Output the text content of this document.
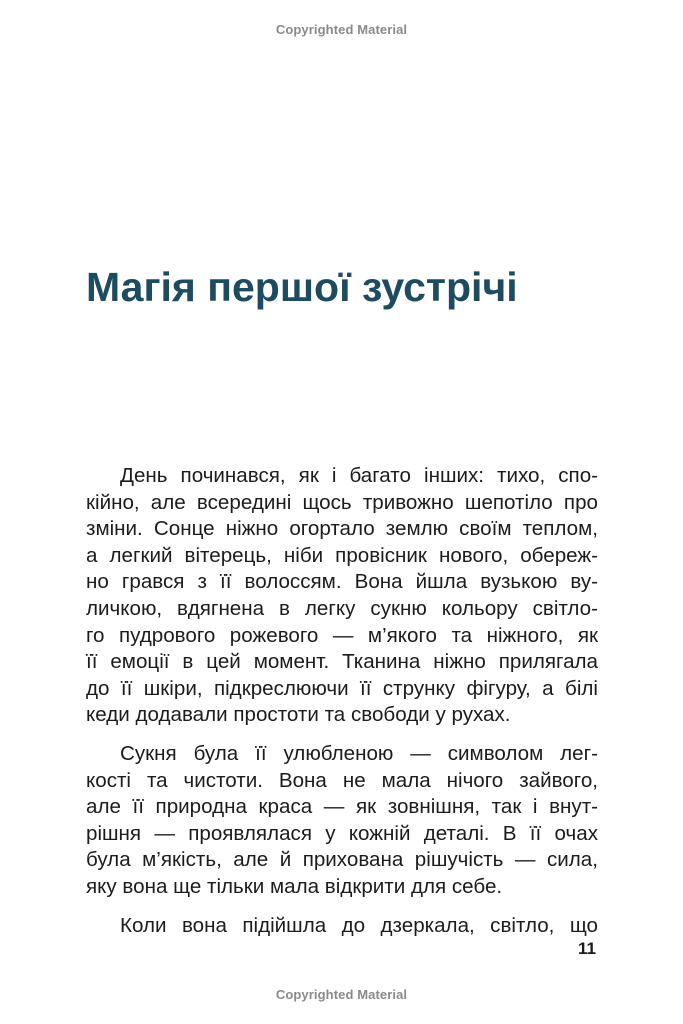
Copyrighted Material
Магія першої зустрічі
День починався, як і багато інших: тихо, спо-
кійно, але всередині щось тривожно шепотіло про
зміни. Сонце ніжно огортало землю своїм теплом,
а легкий вітерець, ніби провісник нового, обереж-
но грався з її волоссям. Вона йшла вузькою ву-
личкою, вдягнена в легку сукню кольору світло-
го пудрового рожевого — м’якого та ніжного, як
її емоції в цей момент. Тканина ніжно прилягала
до її шкіри, підкреслюючи її струнку фігуру, а білі
кеди додавали простоти та свободи у рухах.
Сукня була її улюбленою — символом лег-
кості та чистоти. Вона не мала нічого зайвого,
але її природна краса — як зовнішня, так і внут-
рішня — проявлялася у кожній деталі. В її очах
була м’якість, але й прихована рішучість — сила,
яку вона ще тільки мала відкрити для себе.
Коли вона підійшла до дзеркала, світло, що
11
Copyrighted Material
